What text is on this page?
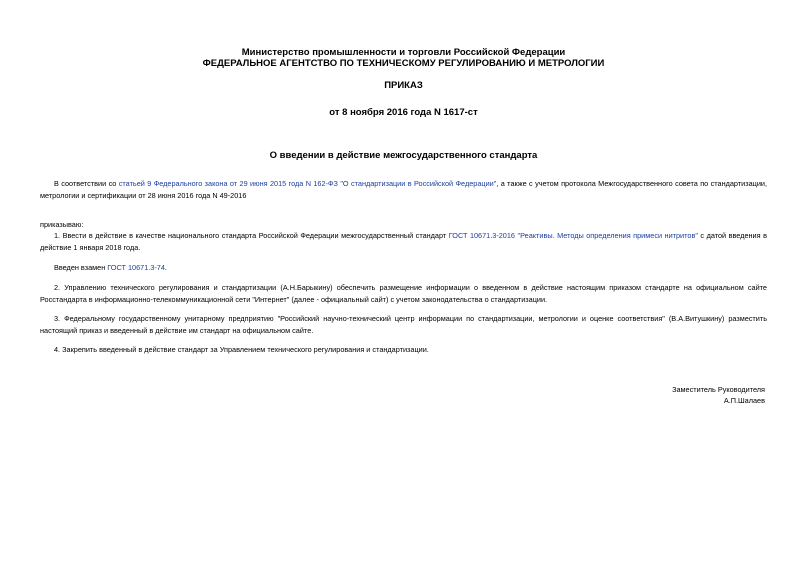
Министерство промышленности и торговли Российской Федерации
ФЕДЕРАЛЬНОЕ АГЕНТСТВО ПО ТЕХНИЧЕСКОМУ РЕГУЛИРОВАНИЮ И МЕТРОЛОГИИ
ПРИКАЗ
от 8 ноября 2016 года N 1617-ст
О введении в действие межгосударственного стандарта
В соответствии со статьей 9 Федерального закона от 29 июня 2015 года N 162-ФЗ "О стандартизации в Российской Федерации", а также с учетом протокола Межгосударственного совета по стандартизации, метрологии и сертификации от 28 июня 2016 года N 49-2016
приказываю:
1. Ввести в действие в качестве национального стандарта Российской Федерации межгосударственный стандарт ГОСТ 10671.3-2016 "Реактивы. Методы определения примеси нитритов" с датой введения в действие 1 января 2018 года.
Введен взамен ГОСТ 10671.3-74.
2. Управлению технического регулирования и стандартизации (А.Н.Барыкину) обеспечить размещение информации о введенном в действие настоящим приказом стандарте на официальном сайте Росстандарта в информационно-телекоммуникационной сети "Интернет" (далее - официальный сайт) с учетом законодательства о стандартизации.
3. Федеральному государственному унитарному предприятию "Российский научно-технический центр информации по стандартизации, метрологии и оценке соответствия" (В.А.Витушкину) разместить настоящий приказ и введенный в действие им стандарт на официальном сайте.
4. Закрепить введенный в действие стандарт за Управлением технического регулирования и стандартизации.
Заместитель Руководителя
А.П.Шалаев
